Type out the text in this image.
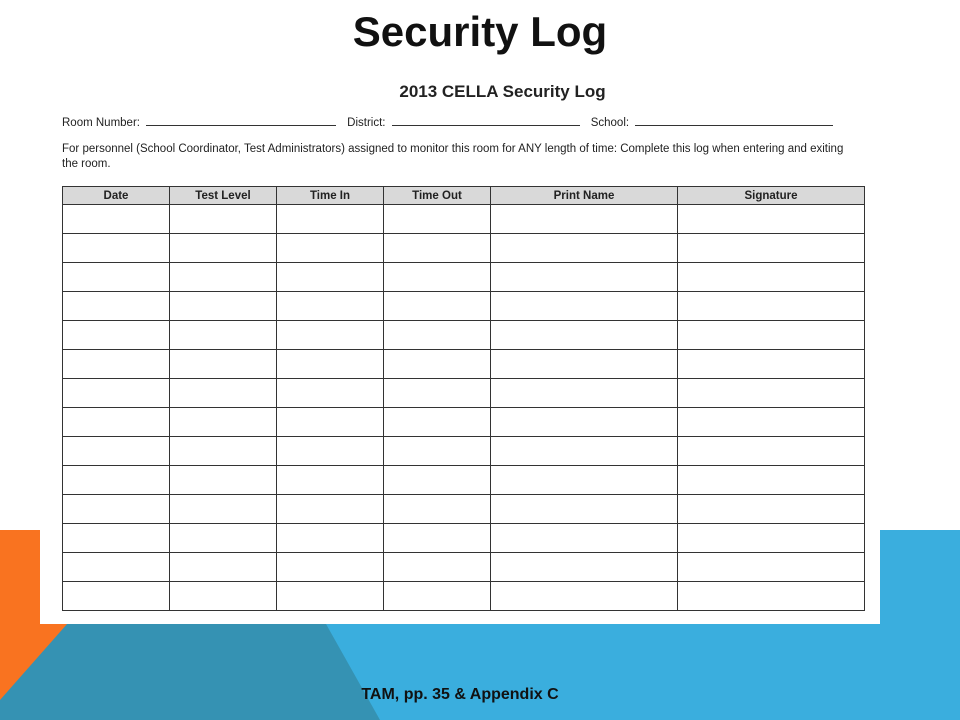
Security Log
2013 CELLA Security Log
Room Number:	District:	School:
For personnel (School Coordinator, Test Administrators) assigned to monitor this room for ANY length of time: Complete this log when entering and exiting the room.
Date	Test Level	Time In	Time Out	Print Name	Signature

TAM, pp. 35 & Appendix C
